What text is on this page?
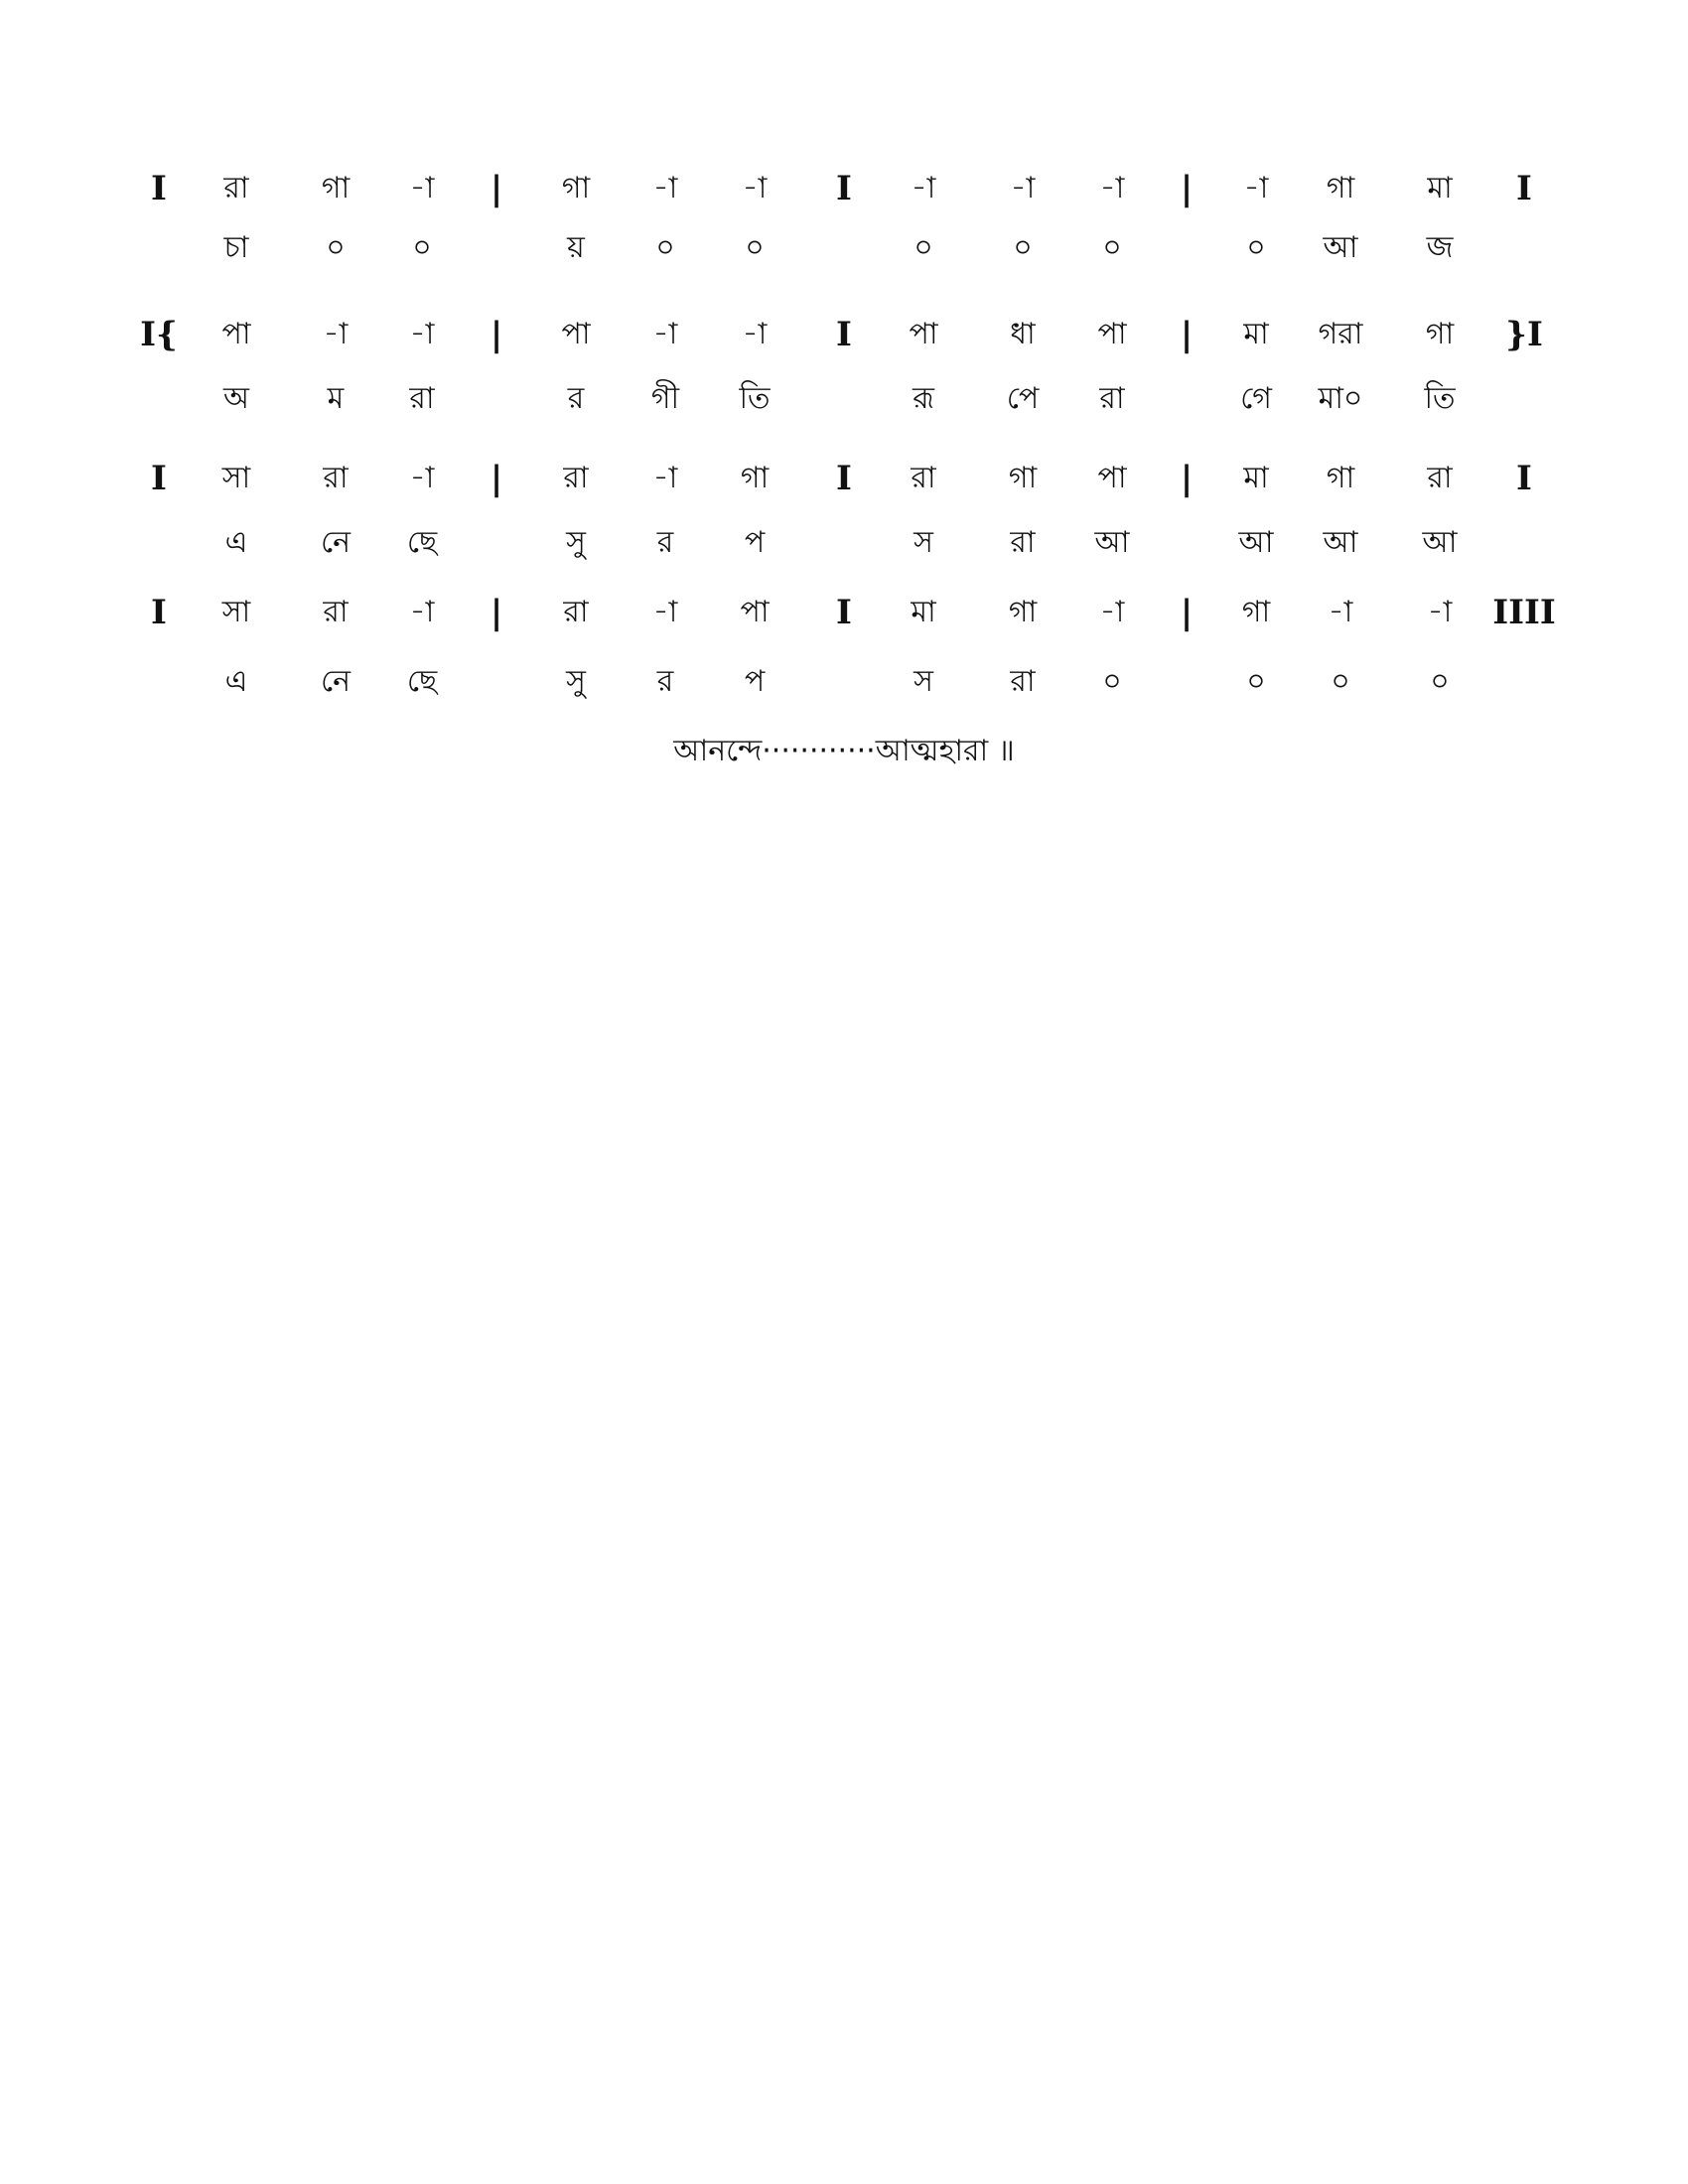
I রা গা -া | গা -া -া I -া	-া -া | -া গা মা I
চা	০ ০	য় ০ ০	০	০ ০	০ আ জ
I{ পা -া -া | পা -া -া I পা ধা পা | মা গরা গা }I
অ	ম রা	র গী তি	রূ পে রা	গে মা০ তি
I সা রা -া | রা -া গা I রা গা পা | মা গা রা I
এ নে ছে	সু র প	স	রা আ	আ আ আ
I সা রা -া | রা -া পা I মা গা -া | গা -া	-া IIII
এ নে ছে	সু র প	স	রা ০	০ ০	০
আনন্দে············আত্মহারা ॥
